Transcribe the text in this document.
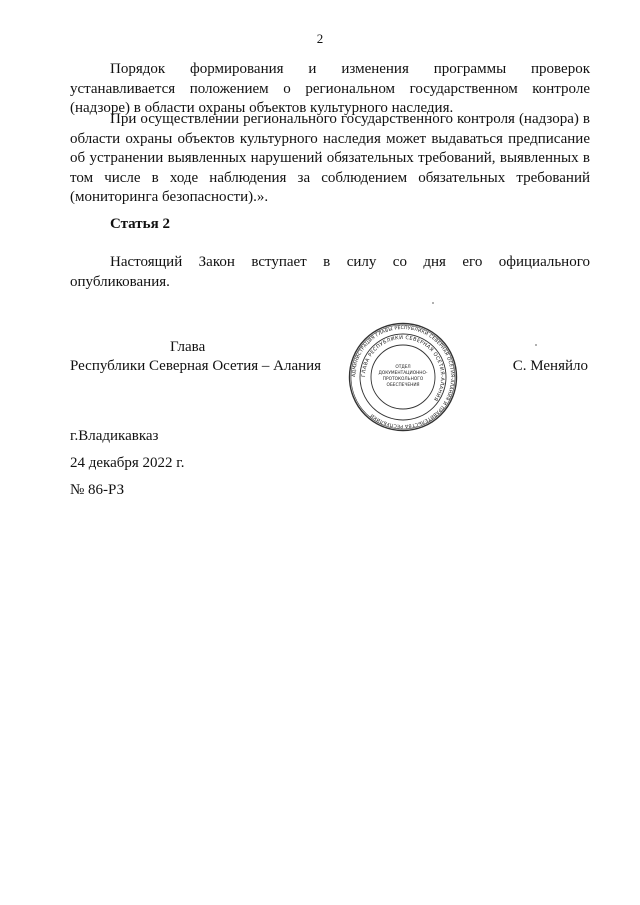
2
Порядок формирования и изменения программы проверок устанавливается положением о региональном государственном контроле (надзоре) в области охраны объектов культурного наследия.
При осуществлении регионального государственного контроля (надзора) в области охраны объектов культурного наследия может выдаваться предписание об устранении выявленных нарушений обязательных требований, выявленных в том числе в ходе наблюдения за соблюдением обязательных требований (мониторинга безопасности).».
Статья 2
Настоящий Закон вступает в силу со дня его официального опубликования.
Глава
Республики Северная Осетия – Алания	С. Меняйло
АДМИНИСТРАЦИЯ ГЛАВЫ РЕСПУБЛИКИ СЕВЕРНАЯ ОСЕТИЯ-АЛАНИЯ И ПРАВИТЕЛЬСТВА РЕСПУБЛИКИ
ГЛАВА РЕСПУБЛИКИ СЕВЕРНАЯ ОСЕТИЯ-АЛАНИЯ
ОТДЕЛ
ДОКУМЕНТАЦИОННО-
ПРОТОКОЛЬНОГО
ОБЕСПЕЧЕНИЯ
г.Владикавказ
24 декабря 2022 г.
№ 86-РЗ
